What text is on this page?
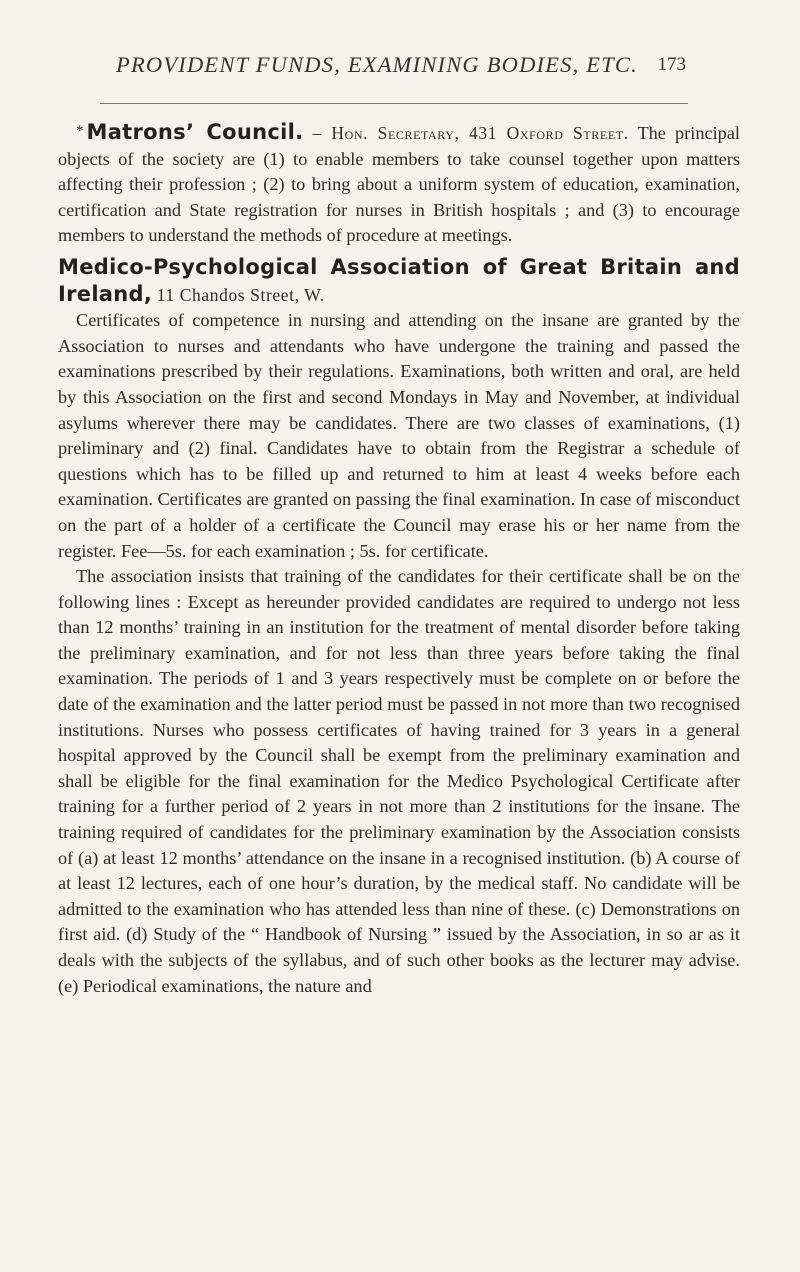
PROVIDENT FUNDS, EXAMINING BODIES, ETC. 173

* Matrons’ Council. – Hon. Secretary, 431 Oxford Street. The principal objects of the society are (1) to enable members to take counsel together upon matters affecting their profession ; (2) to bring about a uniform system of education, examination, certification and State registration for nurses in British hospitals ; and (3) to encourage members to understand the methods of procedure at meetings.

Medico-Psychological Association of Great Britain and Ireland, 11 Chandos Street, W.

Certificates of competence in nursing and attending on the insane are granted by the Association to nurses and attendants who have undergone the training and passed the examinations prescribed by their regulations. Examinations, both written and oral, are held by this Association on the first and second Mondays in May and November, at individual asylums wherever there may be candidates. There are two classes of examinations, (1) preliminary and (2) final. Candidates have to obtain from the Registrar a schedule of questions which has to be filled up and returned to him at least 4 weeks before each examination. Certificates are granted on passing the final examination. In case of misconduct on the part of a holder of a certificate the Council may erase his or her name from the register. Fee—5s. for each examination ; 5s. for certificate.

The association insists that training of the candidates for their certificate shall be on the following lines : Except as hereunder provided candidates are required to undergo not less than 12 months’ training in an institution for the treatment of mental disorder before taking the preliminary examination, and for not less than three years before taking the final examination. The periods of 1 and 3 years respectively must be complete on or before the date of the examination and the latter period must be passed in not more than two recognised institutions. Nurses who possess certificates of having trained for 3 years in a general hospital approved by the Council shall be exempt from the preliminary examination and shall be eligible for the final examination for the Medico Psychological Certificate after training for a further period of 2 years in not more than 2 institutions for the insane. The training required of candidates for the preliminary examination by the Association consists of (a) at least 12 months’ attendance on the insane in a recognised institution. (b) A course of at least 12 lectures, each of one hour’s duration, by the medical staff. No candidate will be admitted to the examination who has attended less than nine of these. (c) Demonstrations on first aid. (d) Study of the “ Handbook of Nursing ” issued by the Association, in so ar as it deals with the subjects of the syllabus, and of such other books as the lecturer may advise. (e) Periodical examinations, the nature and
